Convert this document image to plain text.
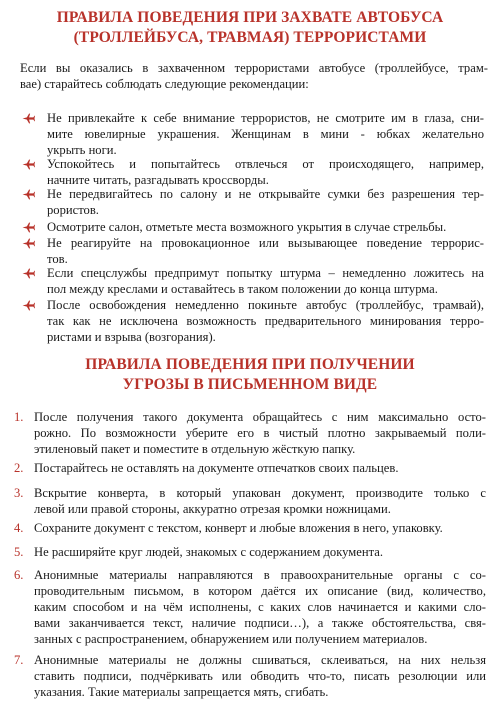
ПРАВИЛА ПОВЕДЕНИЯ ПРИ ЗАХВАТЕ АВТОБУСА
(ТРОЛЛЕЙБУСА, ТРАВМАЯ) ТЕРРОРИСТАМИ
Если вы оказались в захваченном террористами автобусе (троллейбусе, трам-
вае) старайтесь соблюдать следующие рекомендации:
Не привлекайте к себе внимание террористов, не смотрите им в глаза, сни-
мите ювелирные украшения. Женщинам в мини - юбках желательно
укрыть ноги.
Успокойтесь и попытайтесь отвлечься от происходящего, например,
начните читать, разгадывать кроссворды.
Не передвигайтесь по салону и не открывайте сумки без разрешения тер-
рористов.
Осмотрите салон, отметьте места возможного укрытия в случае стрельбы.
Не реагируйте на провокационное или вызывающее поведение террорис-
тов.
Если спецслужбы предпримут попытку штурма – немедленно ложитесь на
пол между креслами и оставайтесь в таком положении до конца штурма.
После освобождения немедленно покиньте автобус (троллейбус, трамвай),
так как не исключена возможность предварительного минирования терро-
ристами и взрыва (возгорания).
ПРАВИЛА ПОВЕДЕНИЯ ПРИ ПОЛУЧЕНИИ
УГРОЗЫ В ПИСЬМЕННОМ ВИДЕ
1. После получения такого документа обращайтесь с ним максимально осто-
рожно. По возможности уберите его в чистый плотно закрываемый поли-
этиленовый пакет и поместите в отдельную жёсткую папку.
2. Постарайтесь не оставлять на документе отпечатков своих пальцев.
3. Вскрытие конверта, в который упакован документ, производите только с
левой или правой стороны, аккуратно отрезая кромки ножницами.
4. Сохраните документ с текстом, конверт и любые вложения в него, упаковку.
5. Не расширяйте круг людей, знакомых с содержанием документа.
6. Анонимные материалы направляются в правоохранительные органы с со-
проводительным письмом, в котором даётся их описание (вид, количество,
каким способом и на чём исполнены, с каких слов начинается и какими сло-
вами заканчивается текст, наличие подписи…), а также обстоятельства, свя-
занных с распространением, обнаружением или получением материалов.
7. Анонимные материалы не должны сшиваться, склеиваться, на них нельзя
ставить подписи, подчёркивать или обводить что-то, писать резолюции или
указания. Такие материалы запрещается мять, сгибать.
